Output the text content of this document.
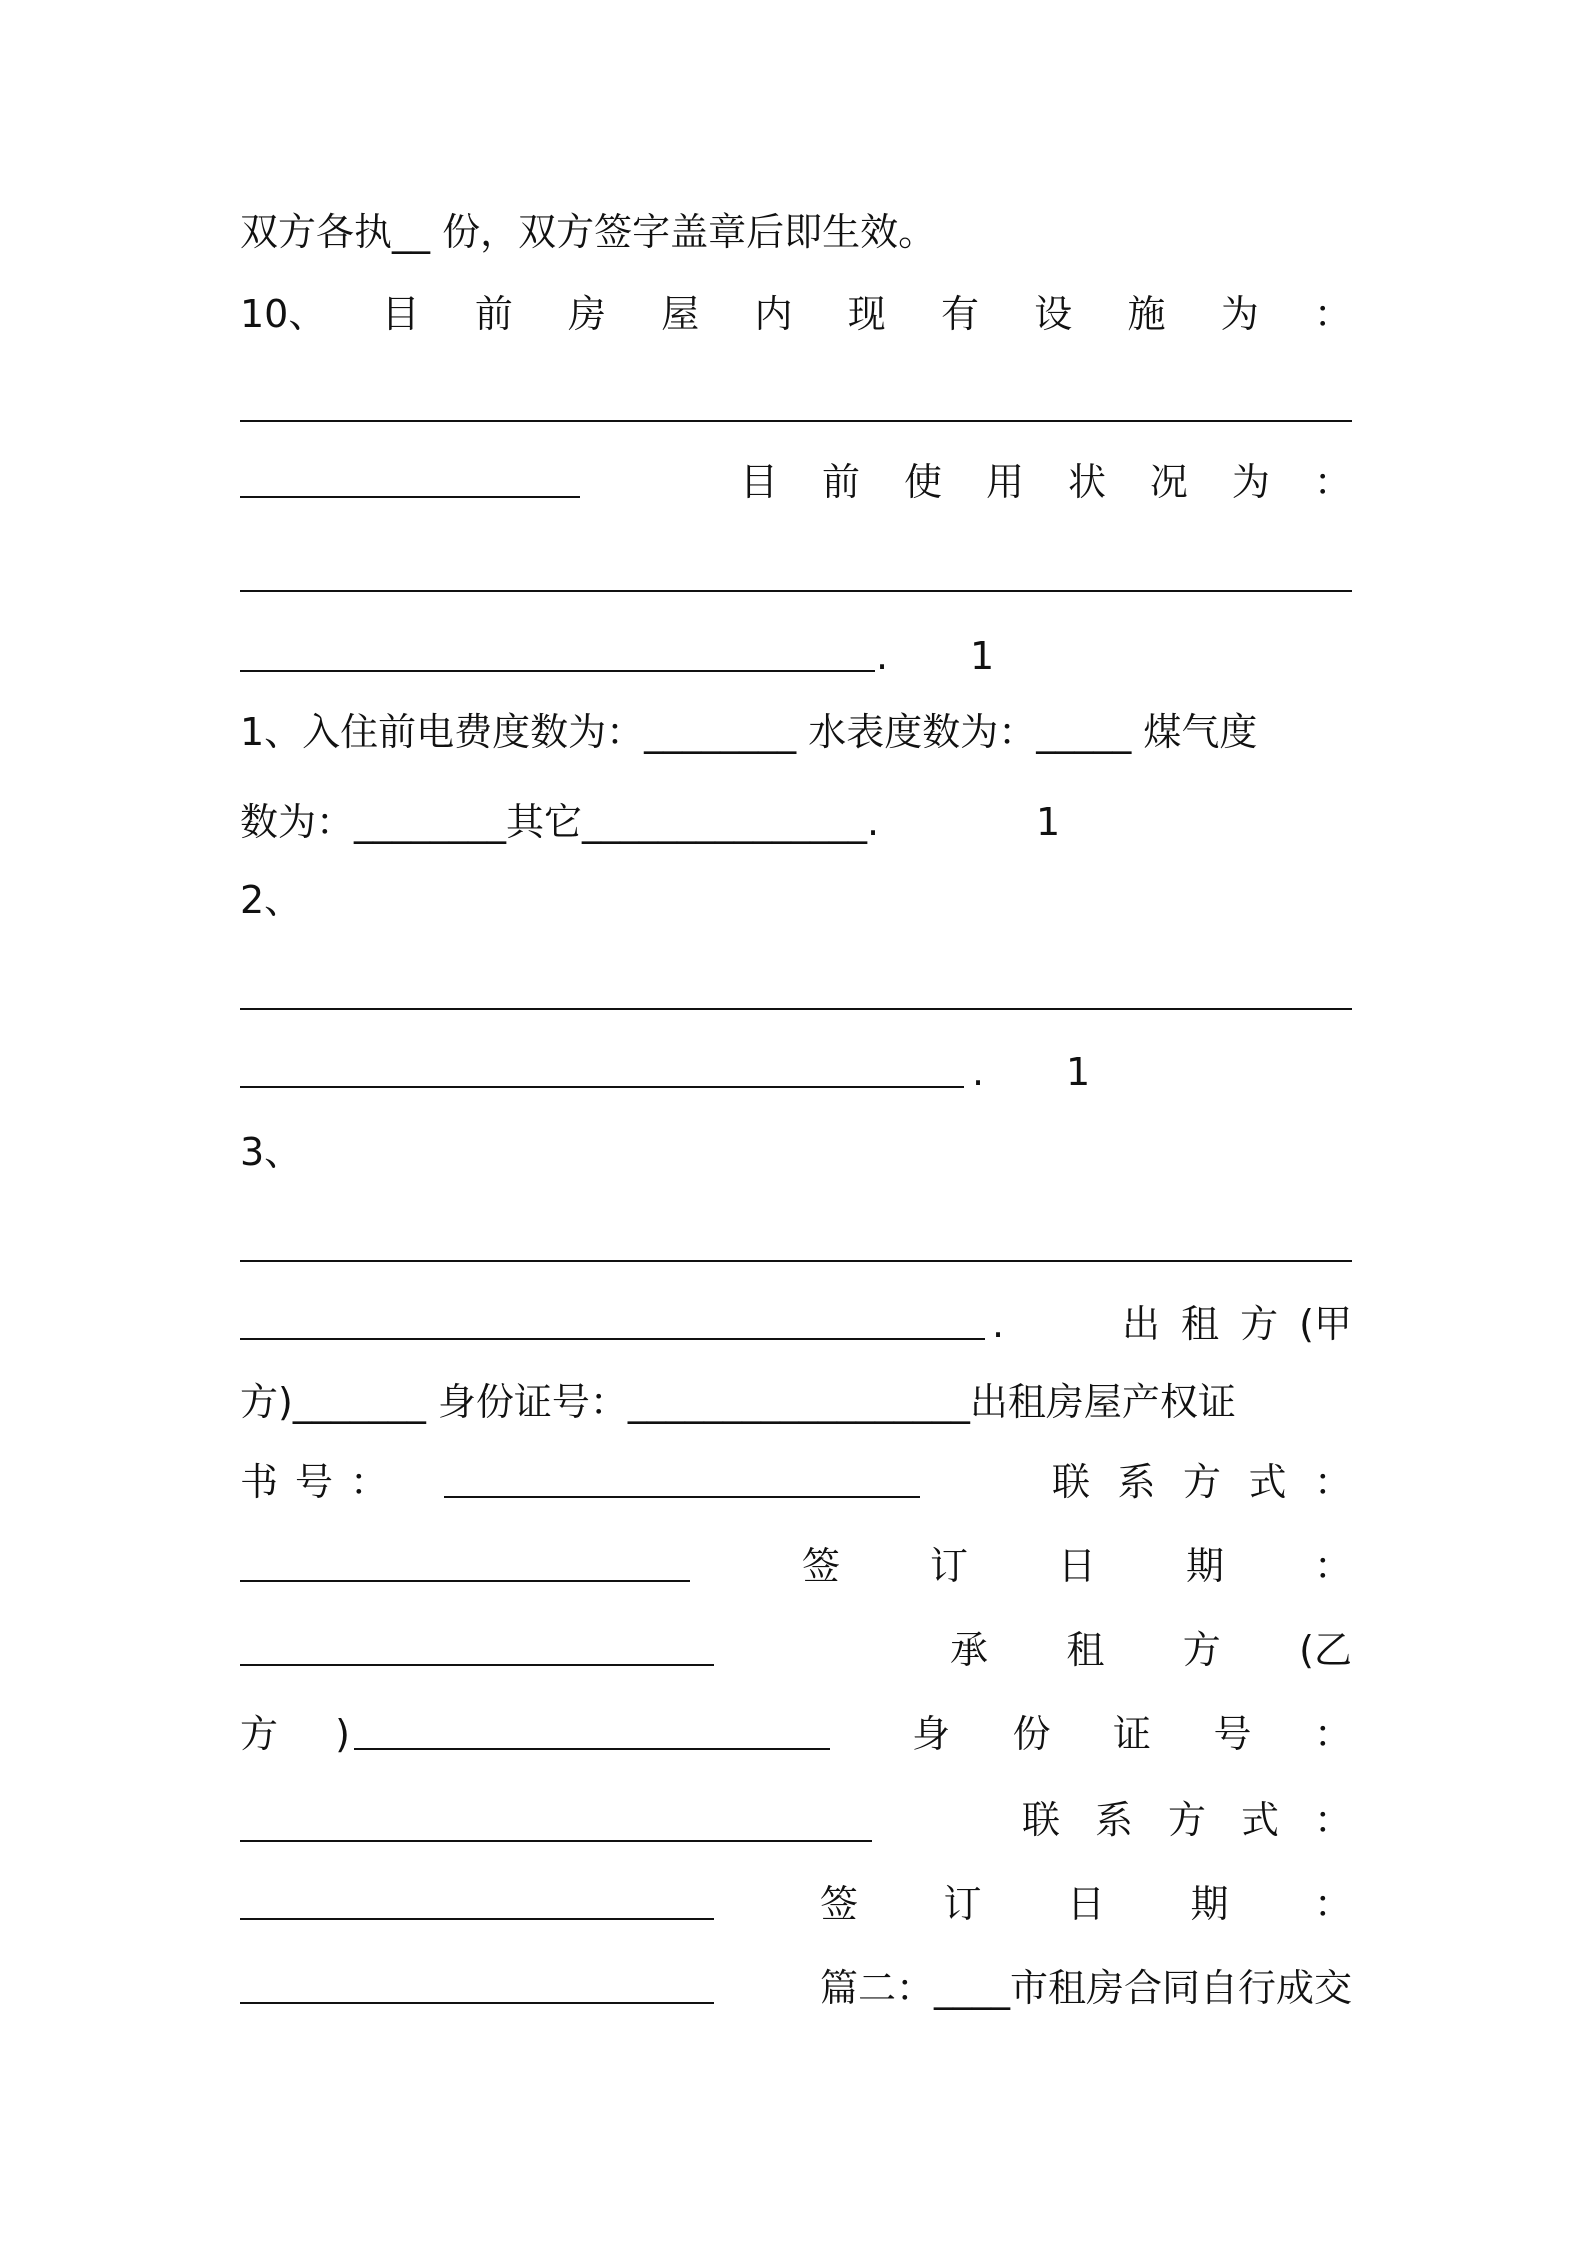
双方各执__ 份，双方签字盖章后即生效。
10、 目 前 房 屋 内 现 有 设 施 为 ：

目 前 使 用 状 况 为 ：

.

1

1、入住前电费度数为：________ 水表度数为：_____ 煤气度

数为：________其它_______________.

	1

2、

.

1

3、

.

	出 租 方 (甲

方)_______ 身份证号：__________________出租房屋产权证

书 号 ：

	联 系 方 式 ：

签 订 日 期 ：

承 租 方 (乙

方 )

	身 份 证 号 ：

联 系 方 式 ：

签 订 日 期 ：

篇二：____市租房合同自行成交
